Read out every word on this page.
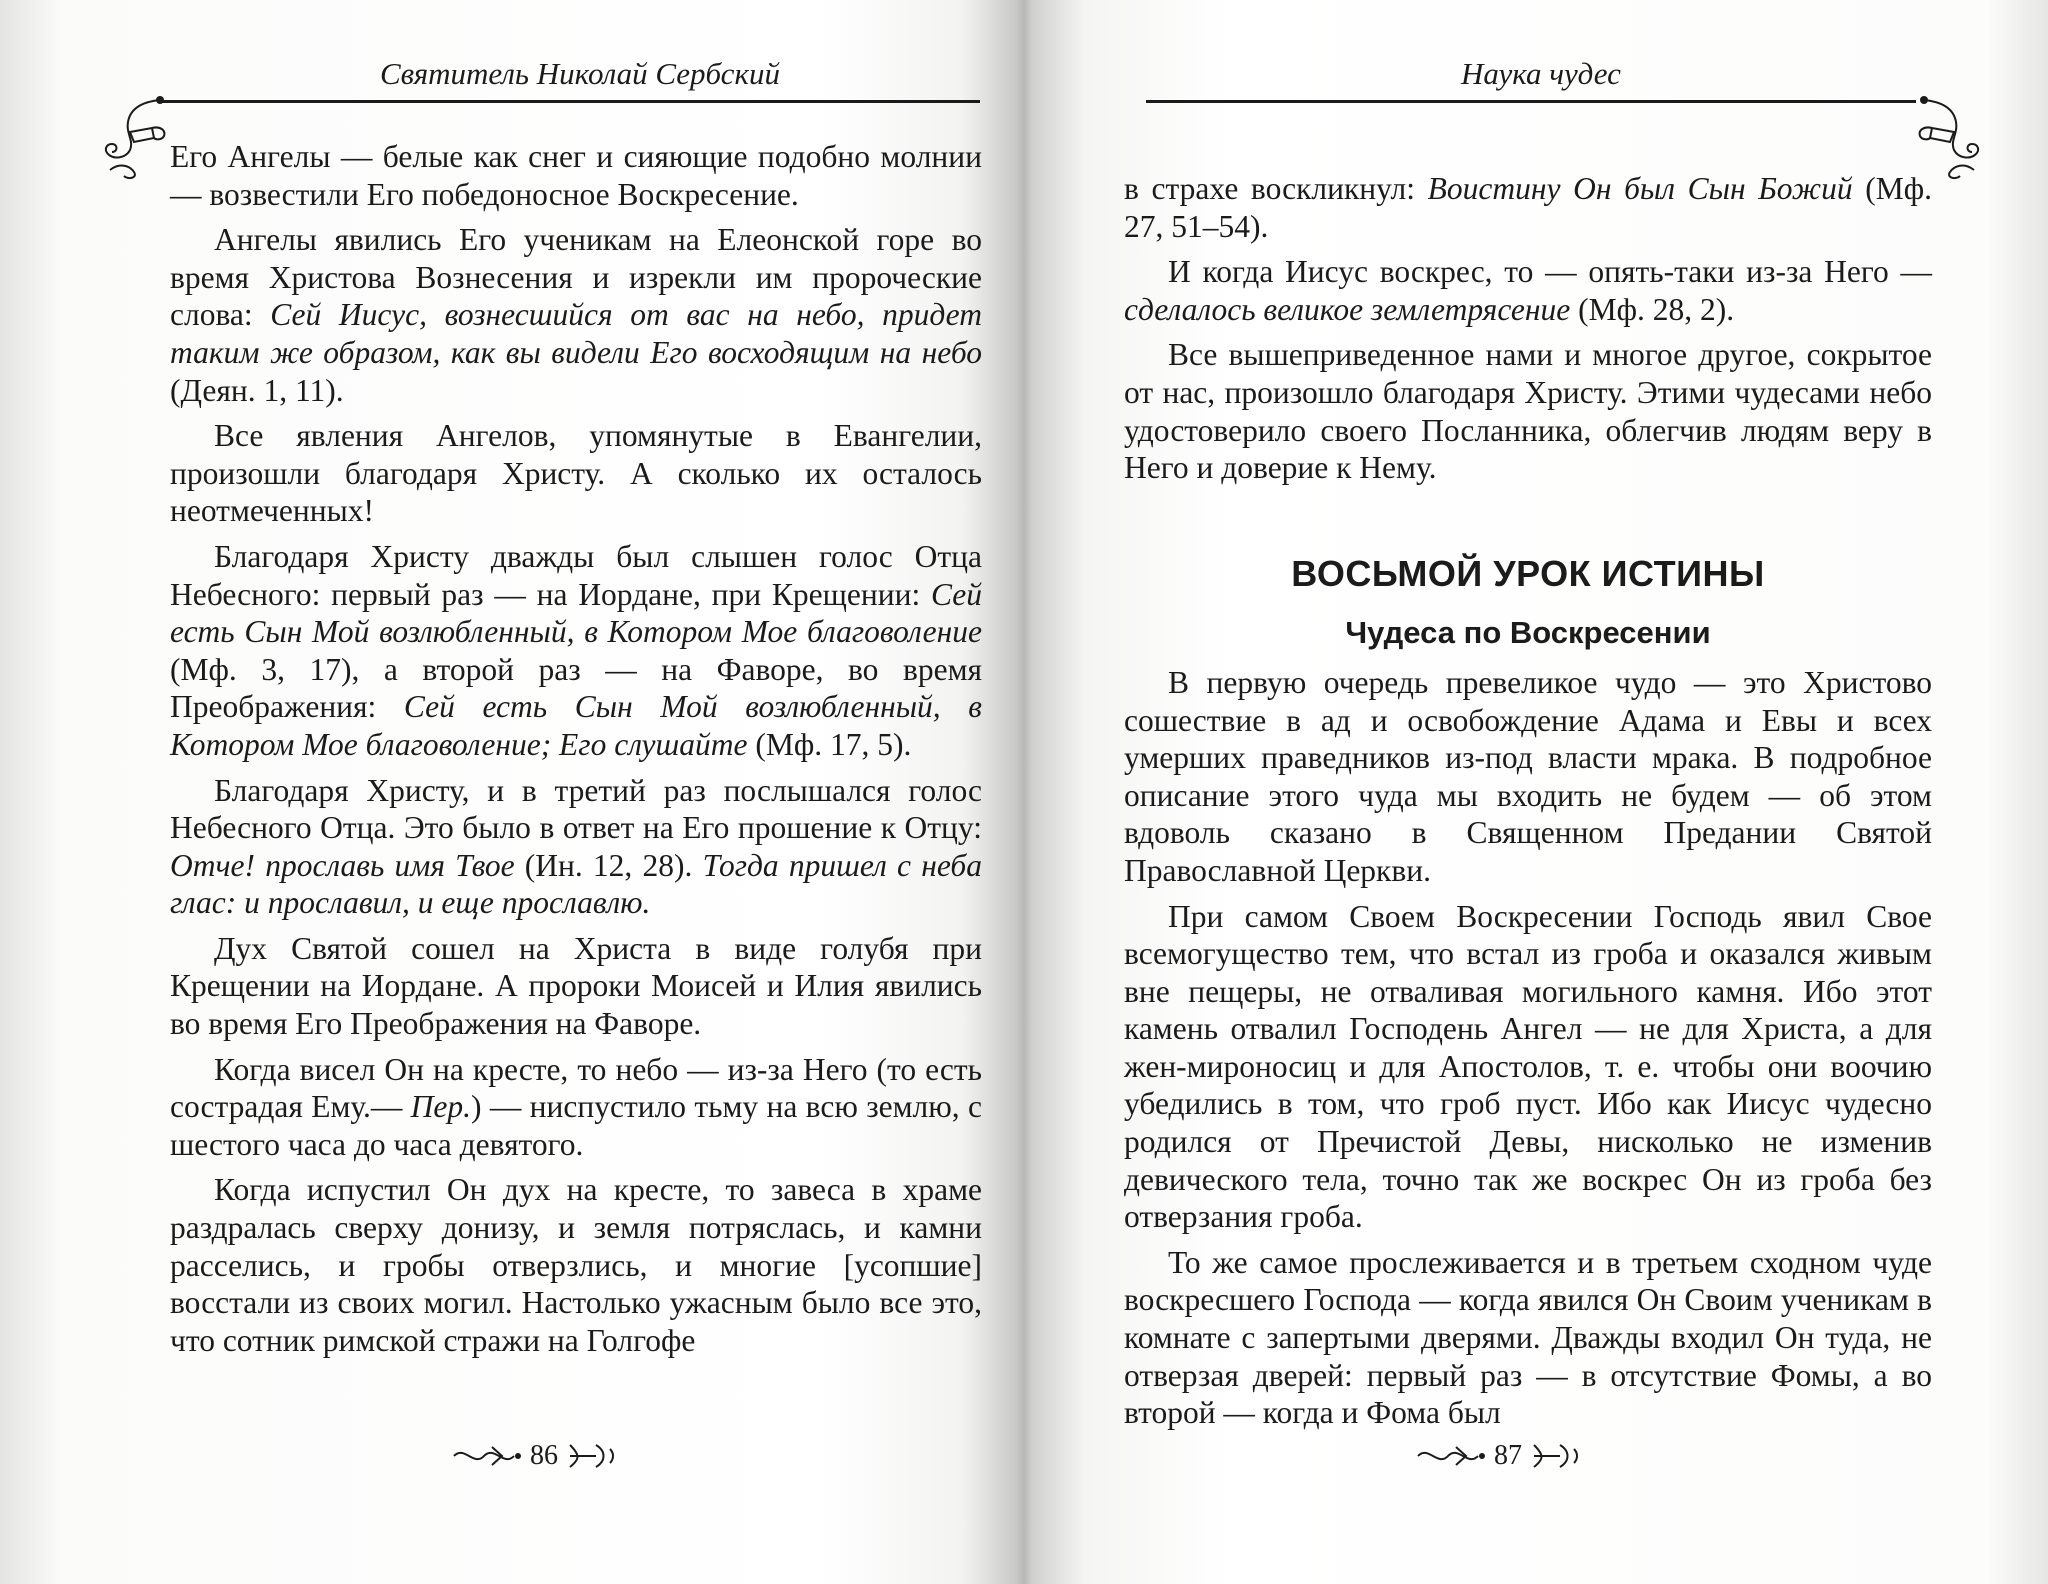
Святитель Николай Сербский

Его Ангелы — белые как снег и сияющие подобно молнии — возвестили Его победоносное Воскресение.

Ангелы явились Его ученикам на Елеонской горе во время Христова Вознесения и изрекли им пророческие слова: Сей Иисус, вознесшийся от вас на небо, придет таким же образом, как вы видели Его восходящим на небо (Деян. 1, 11).

Все явления Ангелов, упомянутые в Евангелии, произошли благодаря Христу. А сколько их осталось неотмеченных!

Благодаря Христу дважды был слышен голос Отца Небесного: первый раз — на Иордане, при Крещении: Сей есть Сын Мой возлюбленный, в Котором Мое благоволение (Мф. 3, 17), а второй раз — на Фаворе, во время Преображения: Сей есть Сын Мой возлюбленный, в Котором Мое благоволение; Его слушайте (Мф. 17, 5).

Благодаря Христу, и в третий раз послышался голос Небесного Отца. Это было в ответ на Его прошение к Отцу: Отче! прославь имя Твое (Ин. 12, 28). Тогда пришел с неба глас: и прославил, и еще прославлю.

Дух Святой сошел на Христа в виде голубя при Крещении на Иордане. А пророки Моисей и Илия явились во время Его Преображения на Фаворе.

Когда висел Он на кресте, то небо — из-за Него (то есть сострадая Ему.— Пер.) — ниспустило тьму на всю землю, с шестого часа до часа девятого.

Когда испустил Он дух на кресте, то завеса в храме раздралась сверху донизу, и земля потряслась, и камни расселись, и гробы отверзлись, и многие [усопшие] восстали из своих могил. Настолько ужасным было все это, что сотник римской стражи на Голгофе

86
Наука чудес

в страхе воскликнул: Воистину Он был Сын Божий (Мф. 27, 51–54).

И когда Иисус воскрес, то — опять-таки из-за Него — сделалось великое землетрясение (Мф. 28, 2).

Все вышеприведенное нами и многое другое, сокрытое от нас, произошло благодаря Христу. Этими чудесами небо удостоверило своего Посланника, облегчив людям веру в Него и доверие к Нему.

ВОСЬМОЙ УРОК ИСТИНЫ
Чудеса по Воскресении

В первую очередь превеликое чудо — это Христово сошествие в ад и освобождение Адама и Евы и всех умерших праведников из-под власти мрака. В подробное описание этого чуда мы входить не будем — об этом вдоволь сказано в Священном Предании Святой Православной Церкви.

При самом Своем Воскресении Господь явил Свое всемогущество тем, что встал из гроба и оказался живым вне пещеры, не отваливая могильного камня. Ибо этот камень отвалил Господень Ангел — не для Христа, а для жен-мироносиц и для Апостолов, т. е. чтобы они воочию убедились в том, что гроб пуст. Ибо как Иисус чудесно родился от Пречистой Девы, нисколько не изменив девического тела, точно так же воскрес Он из гроба без отверзания гроба.

То же самое прослеживается и в третьем сходном чуде воскресшего Господа — когда явился Он Своим ученикам в комнате с запертыми дверями. Дважды входил Он туда, не отверзая дверей: первый раз — в отсутствие Фомы, а во второй — когда и Фома был

87
